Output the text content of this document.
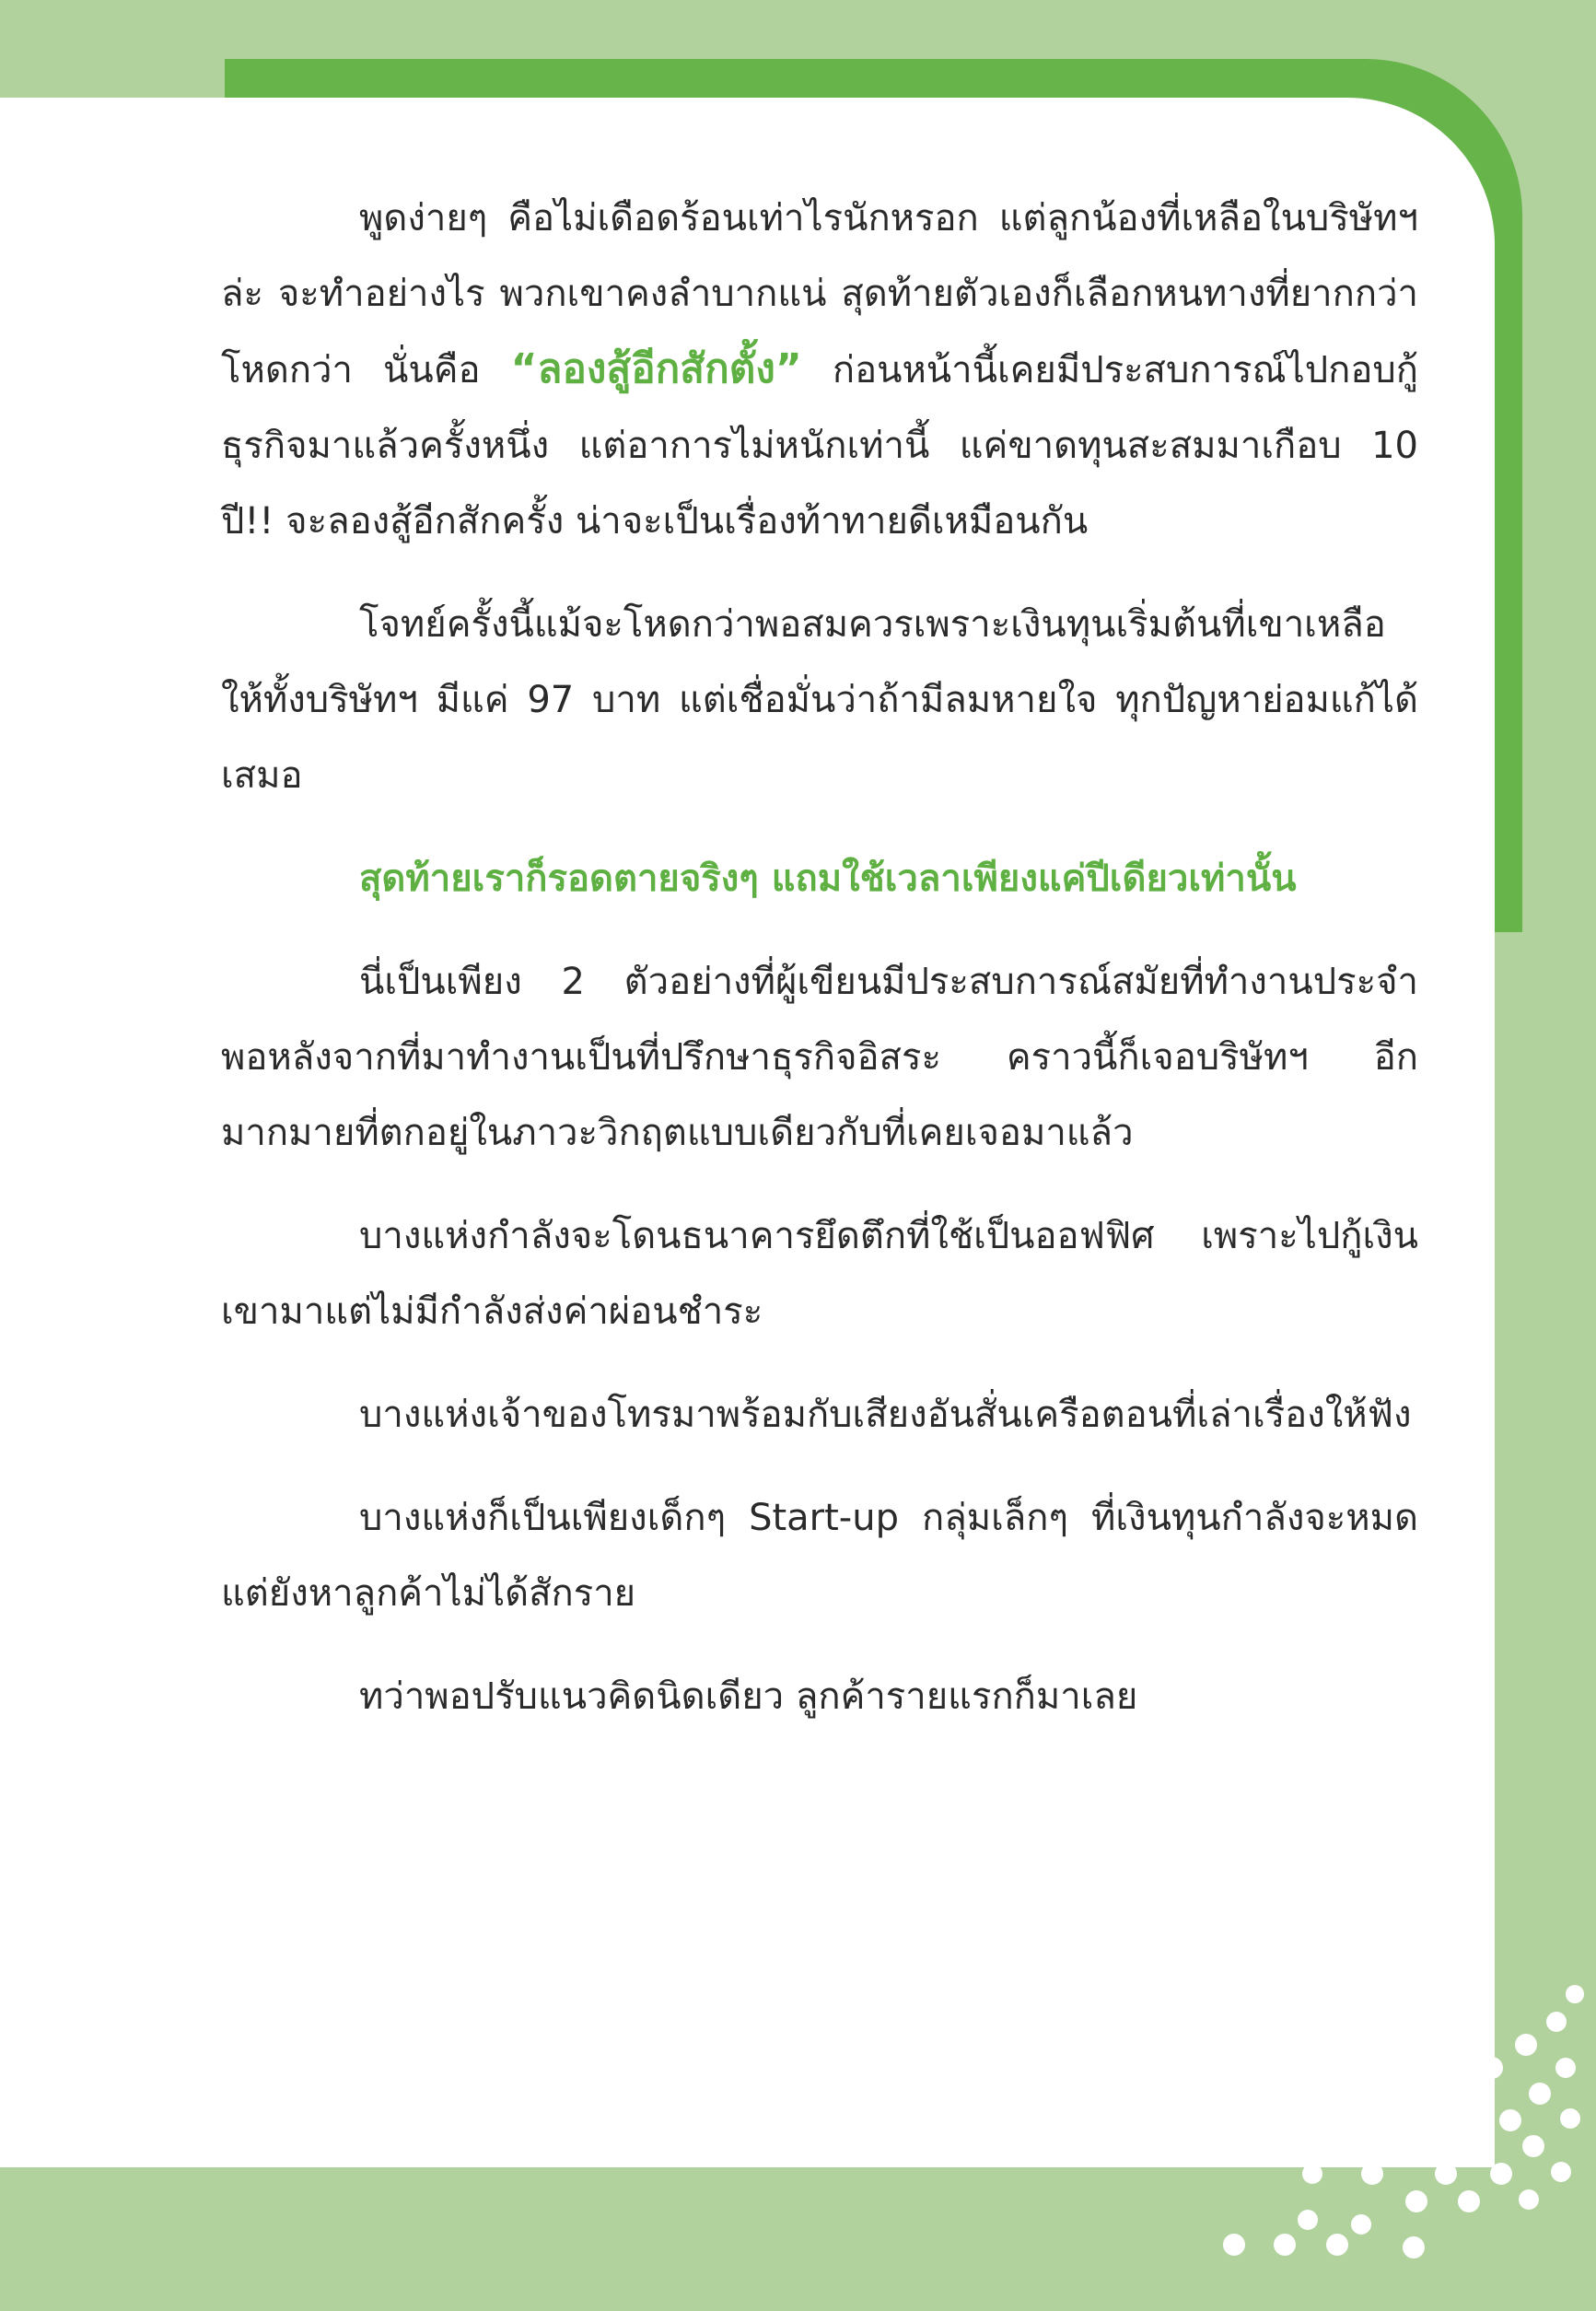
พูดง่ายๆ คือไม่เดือดร้อนเท่าไรนักหรอก แต่ลูกน้องที่เหลือในบริษัทฯ ล่ะ จะทำอย่างไร พวกเขาคงลำบากแน่ สุดท้ายตัวเองก็เลือกหนทางที่ยากกว่า โหดกว่า นั่นคือ “ลองสู้อีกสักตั้ง” ก่อนหน้านี้เคยมีประสบการณ์ไปกอบกู้ธุรกิจมาแล้วครั้งหนึ่ง แต่อาการไม่หนักเท่านี้ แค่ขาดทุนสะสมมาเกือบ 10 ปี!! จะลองสู้อีกสักครั้ง น่าจะเป็นเรื่องท้าทายดีเหมือนกัน

โจทย์ครั้งนี้แม้จะโหดกว่าพอสมควรเพราะเงินทุนเริ่มต้นที่เขาเหลือให้ทั้งบริษัทฯ มีแค่ 97 บาท แต่เชื่อมั่นว่าถ้ามีลมหายใจ ทุกปัญหาย่อมแก้ได้เสมอ

สุดท้ายเราก็รอดตายจริงๆ แถมใช้เวลาเพียงแค่ปีเดียวเท่านั้น

นี่เป็นเพียง 2 ตัวอย่างที่ผู้เขียนมีประสบการณ์สมัยที่ทำงานประจำ พอหลังจากที่มาทำงานเป็นที่ปรึกษาธุรกิจอิสระ คราวนี้ก็เจอบริษัทฯ อีกมากมายที่ตกอยู่ในภาวะวิกฤตแบบเดียวกับที่เคยเจอมาแล้ว

บางแห่งกำลังจะโดนธนาคารยึดตึกที่ใช้เป็นออฟฟิศ เพราะไปกู้เงินเขามาแต่ไม่มีกำลังส่งค่าผ่อนชำระ

บางแห่งเจ้าของโทรมาพร้อมกับเสียงอันสั่นเครือตอนที่เล่าเรื่องให้ฟัง

บางแห่งก็เป็นเพียงเด็กๆ Start-up กลุ่มเล็กๆ ที่เงินทุนกำลังจะหมด แต่ยังหาลูกค้าไม่ได้สักราย

ทว่าพอปรับแนวคิดนิดเดียว ลูกค้ารายแรกก็มาเลย
